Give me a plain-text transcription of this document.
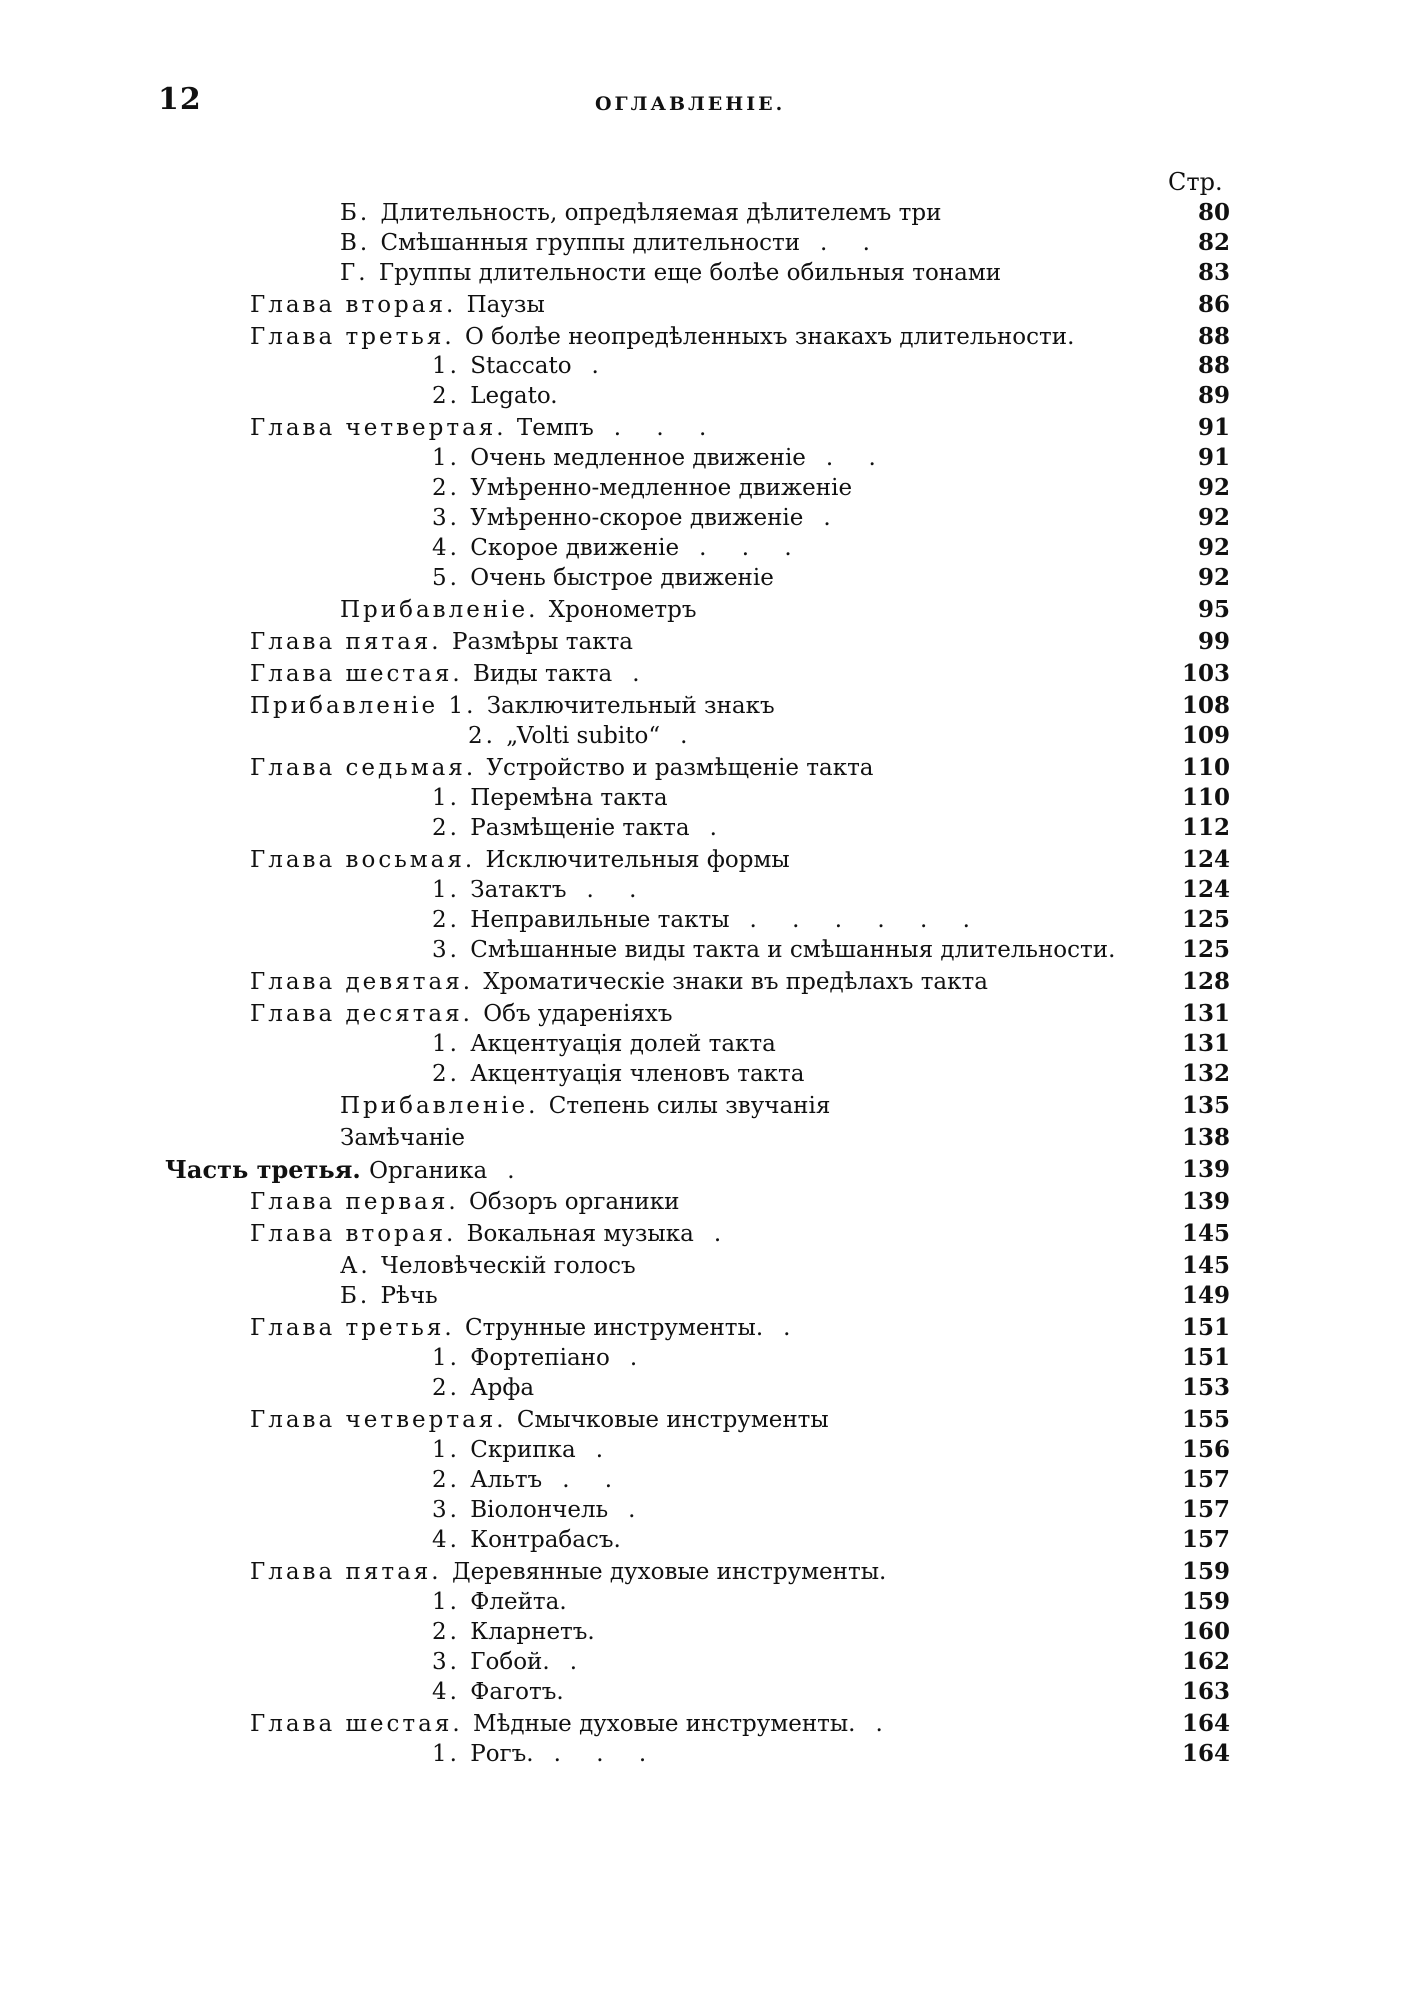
12	ОГЛАВЛЕНІЕ.
Стр.
Б. Длительность, опредѣляемая дѣлителемъ три	80
В. Смѣшанныя группы длительности . .	82
Г. Группы длительности еще болѣе обильныя тонами	83
Глава вторая. Паузы	86
Глава третья. О болѣе неопредѣленныхъ знакахъ длительности.	88
1. Staccato .	88
2. Legato.	89
Глава четвертая. Темпъ . . .	91
1. Очень медленное движеніе . .	91
2. Умѣренно-медленное движеніе	92
3. Умѣренно-скорое движеніе .	92
4. Скорое движеніе . . .	92
5. Очень быстрое движеніе	92
Прибавленіе. Хронометръ	95
Глава пятая. Размѣры такта	99
Глава шестая. Виды такта .	103
Прибавленіе 1. Заключительный знакъ	108
2. „Volti subito“ .	109
Глава седьмая. Устройство и размѣщеніе такта	110
1. Перемѣна такта	110
2. Размѣщеніе такта .	112
Глава восьмая. Исключительныя формы	124
1. Затактъ . .	124
2. Неправильные такты . . . . . .	125
3. Смѣшанные виды такта и смѣшанныя длительности.	125
Глава девятая. Хроматическіе знаки въ предѣлахъ такта	128
Глава десятая. Объ удареніяхъ	131
1. Акцентуація долей такта	131
2. Акцентуація членовъ такта	132
Прибавленіе. Степень силы звучанія	135
Замѣчаніе	138
Часть третья. Органика .	139
Глава первая. Обзоръ органики	139
Глава вторая. Вокальная музыка .	145
А. Человѣческій голосъ	145
Б. Рѣчь	149
Глава третья. Струнные инструменты. .	151
1. Фортепіано .	151
2. Арфа	153
Глава четвертая. Смычковые инструменты	155
1. Скрипка .	156
2. Альтъ . .	157
3. Віолончель .	157
4. Контрабасъ.	157
Глава пятая. Деревянные духовые инструменты.	159
1. Флейта.	159
2. Кларнетъ.	160
3. Гобой. .	162
4. Фаготъ.	163
Глава шестая. Мѣдные духовые инструменты. .	164
1. Рогъ. . . .	164
